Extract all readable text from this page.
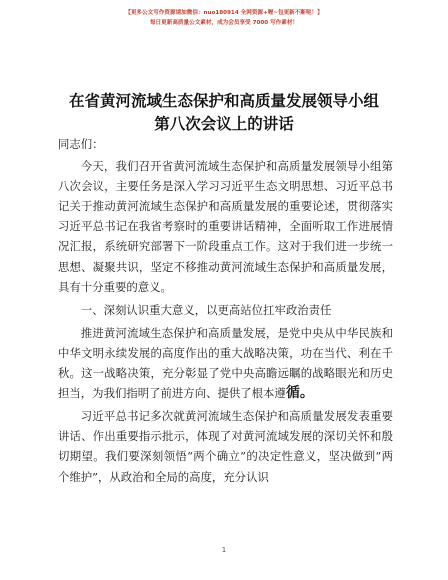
【更多公文写作资源请加微信：nuo180914 全网资源+喔~包更新不断哒！】
每日更新高质量公文素材，成为会员享受 7000 写作素材！
在省黄河流域生态保护和高质量发展领导小组
第八次会议上的讲话

同志们：

今天，我们召开省黄河流域生态保护和高质量发展领导小组第八次会议，主要任务是深入学习习近平生态文明思想、习近平总书记关于推动黄河流域生态保护和高质量发展的重要论述，贯彻落实习近平总书记在我省考察时的重要讲话精神，全面听取工作进展情况汇报，系统研究部署下一阶段重点工作。这对于我们进一步统一思想、凝聚共识，坚定不移推动黄河流域生态保护和高质量发展，具有十分重要的意义。

一、深刻认识重大意义，以更高站位扛牢政治责任

推进黄河流域生态保护和高质量发展，是党中央从中华民族和中华文明永续发展的高度作出的重大战略决策，功在当代、利在千秋。这一战略决策，充分彰显了党中央高瞻远瞩的战略眼光和历史担当，为我们指明了前进方向、提供了根本遵循。

习近平总书记多次就黄河流域生态保护和高质量发展发表重要讲话、作出重要指示批示，体现了对黄河流域发展的深切关怀和殷切期望。我们要深刻领悟“两个确立”的决定性意义，坚决做到“两个维护”，从政治和全局的高度，充分认识

1
